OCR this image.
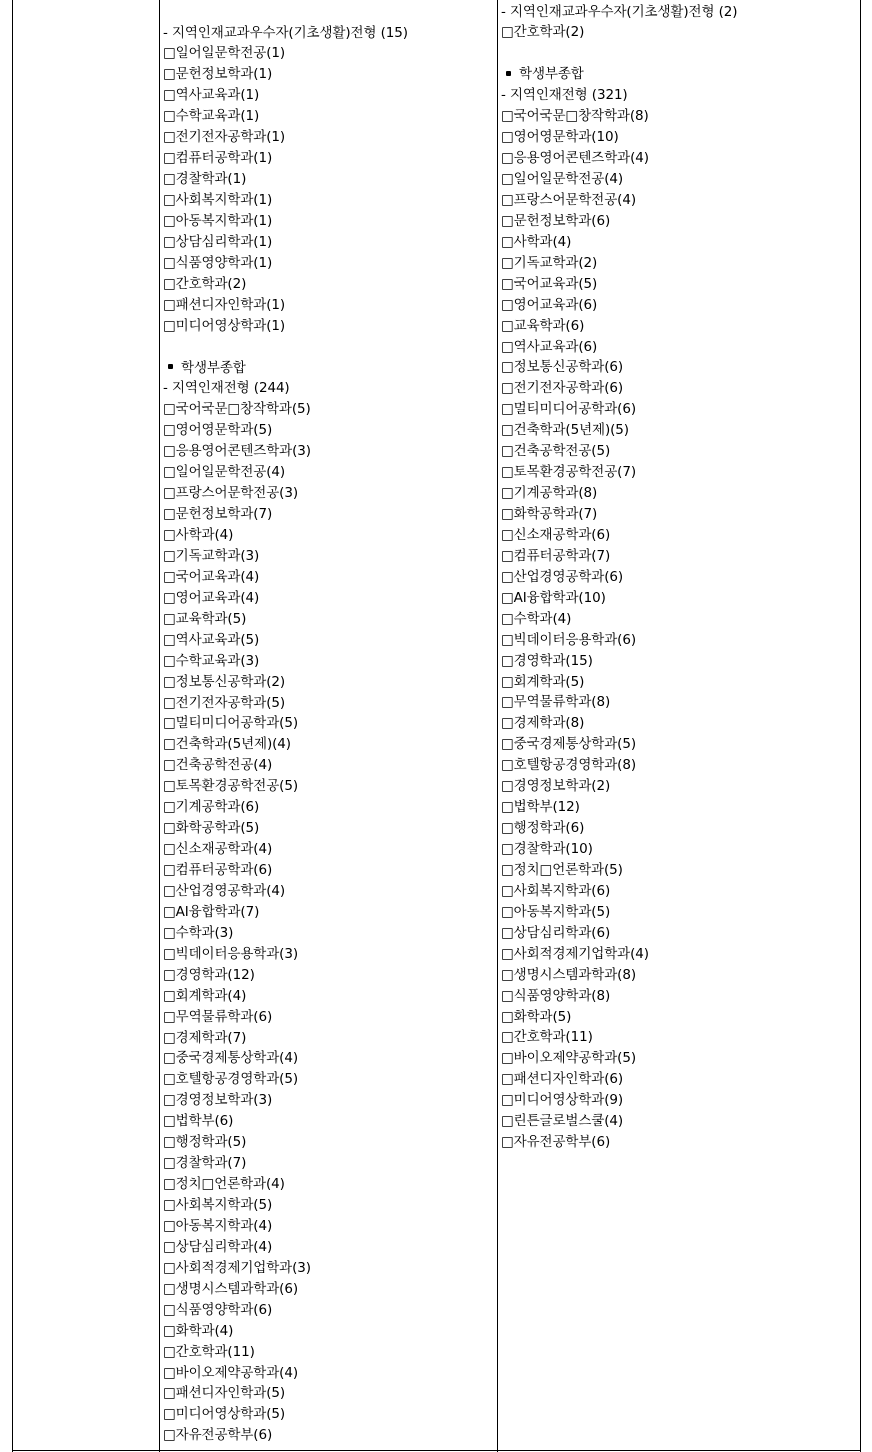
- 지역인재교과우수자(기초생활)전형 (15)
□일어일문학전공(1)
□문헌정보학과(1)
□역사교육과(1)
□수학교육과(1)
□전기전자공학과(1)
□컴퓨터공학과(1)
□경찰학과(1)
□사회복지학과(1)
□아동복지학과(1)
□상담심리학과(1)
□식품영양학과(1)
□간호학과(2)
□패션디자인학과(1)
□미디어영상학과(1)
학생부종합
- 지역인재전형 (244)
□국어국문□창작학과(5)
□영어영문학과(5)
□응용영어콘텐즈학과(3)
□일어일문학전공(4)
□프랑스어문학전공(3)
□문헌정보학과(7)
□사학과(4)
□기독교학과(3)
□국어교육과(4)
□영어교육과(4)
□교육학과(5)
□역사교육과(5)
□수학교육과(3)
□정보통신공학과(2)
□전기전자공학과(5)
□멀티미디어공학과(5)
□건축학과(5년제)(4)
□건축공학전공(4)
□토목환경공학전공(5)
□기계공학과(6)
□화학공학과(5)
□신소재공학과(4)
□컴퓨터공학과(6)
□산업경영공학과(4)
□AI융합학과(7)
□수학과(3)
□빅데이터응용학과(3)
□경영학과(12)
□회계학과(4)
□무역물류학과(6)
□경제학과(7)
□중국경제통상학과(4)
□호텔항공경영학과(5)
□경영정보학과(3)
□법학부(6)
□행정학과(5)
□경찰학과(7)
□정치□언론학과(4)
□사회복지학과(5)
□아동복지학과(4)
□상담심리학과(4)
□사회적경제기업학과(3)
□생명시스템과학과(6)
□식품영양학과(6)
□화학과(4)
□간호학과(11)
□바이오제약공학과(4)
□패션디자인학과(5)
□미디어영상학과(5)
□자유전공학부(6)
- 지역인재교과우수자(기초생활)전형 (2)
□간호학과(2)
학생부종합
- 지역인재전형 (321)
□국어국문□창작학과(8)
□영어영문학과(10)
□응용영어콘텐즈학과(4)
□일어일문학전공(4)
□프랑스어문학전공(4)
□문헌정보학과(6)
□사학과(4)
□기독교학과(2)
□국어교육과(5)
□영어교육과(6)
□교육학과(6)
□역사교육과(6)
□정보통신공학과(6)
□전기전자공학과(6)
□멀티미디어공학과(6)
□건축학과(5년제)(5)
□건축공학전공(5)
□토목환경공학전공(7)
□기계공학과(8)
□화학공학과(7)
□신소재공학과(6)
□컴퓨터공학과(7)
□산업경영공학과(6)
□AI융합학과(10)
□수학과(4)
□빅데이터응용학과(6)
□경영학과(15)
□회계학과(5)
□무역물류학과(8)
□경제학과(8)
□중국경제통상학과(5)
□호텔항공경영학과(8)
□경영정보학과(2)
□법학부(12)
□행정학과(6)
□경찰학과(10)
□정치□언론학과(5)
□사회복지학과(6)
□아동복지학과(5)
□상담심리학과(6)
□사회적경제기업학과(4)
□생명시스템과학과(8)
□식품영양학과(8)
□화학과(5)
□간호학과(11)
□바이오제약공학과(5)
□패션디자인학과(6)
□미디어영상학과(9)
□린튼글로벌스쿨(4)
□자유전공학부(6)
